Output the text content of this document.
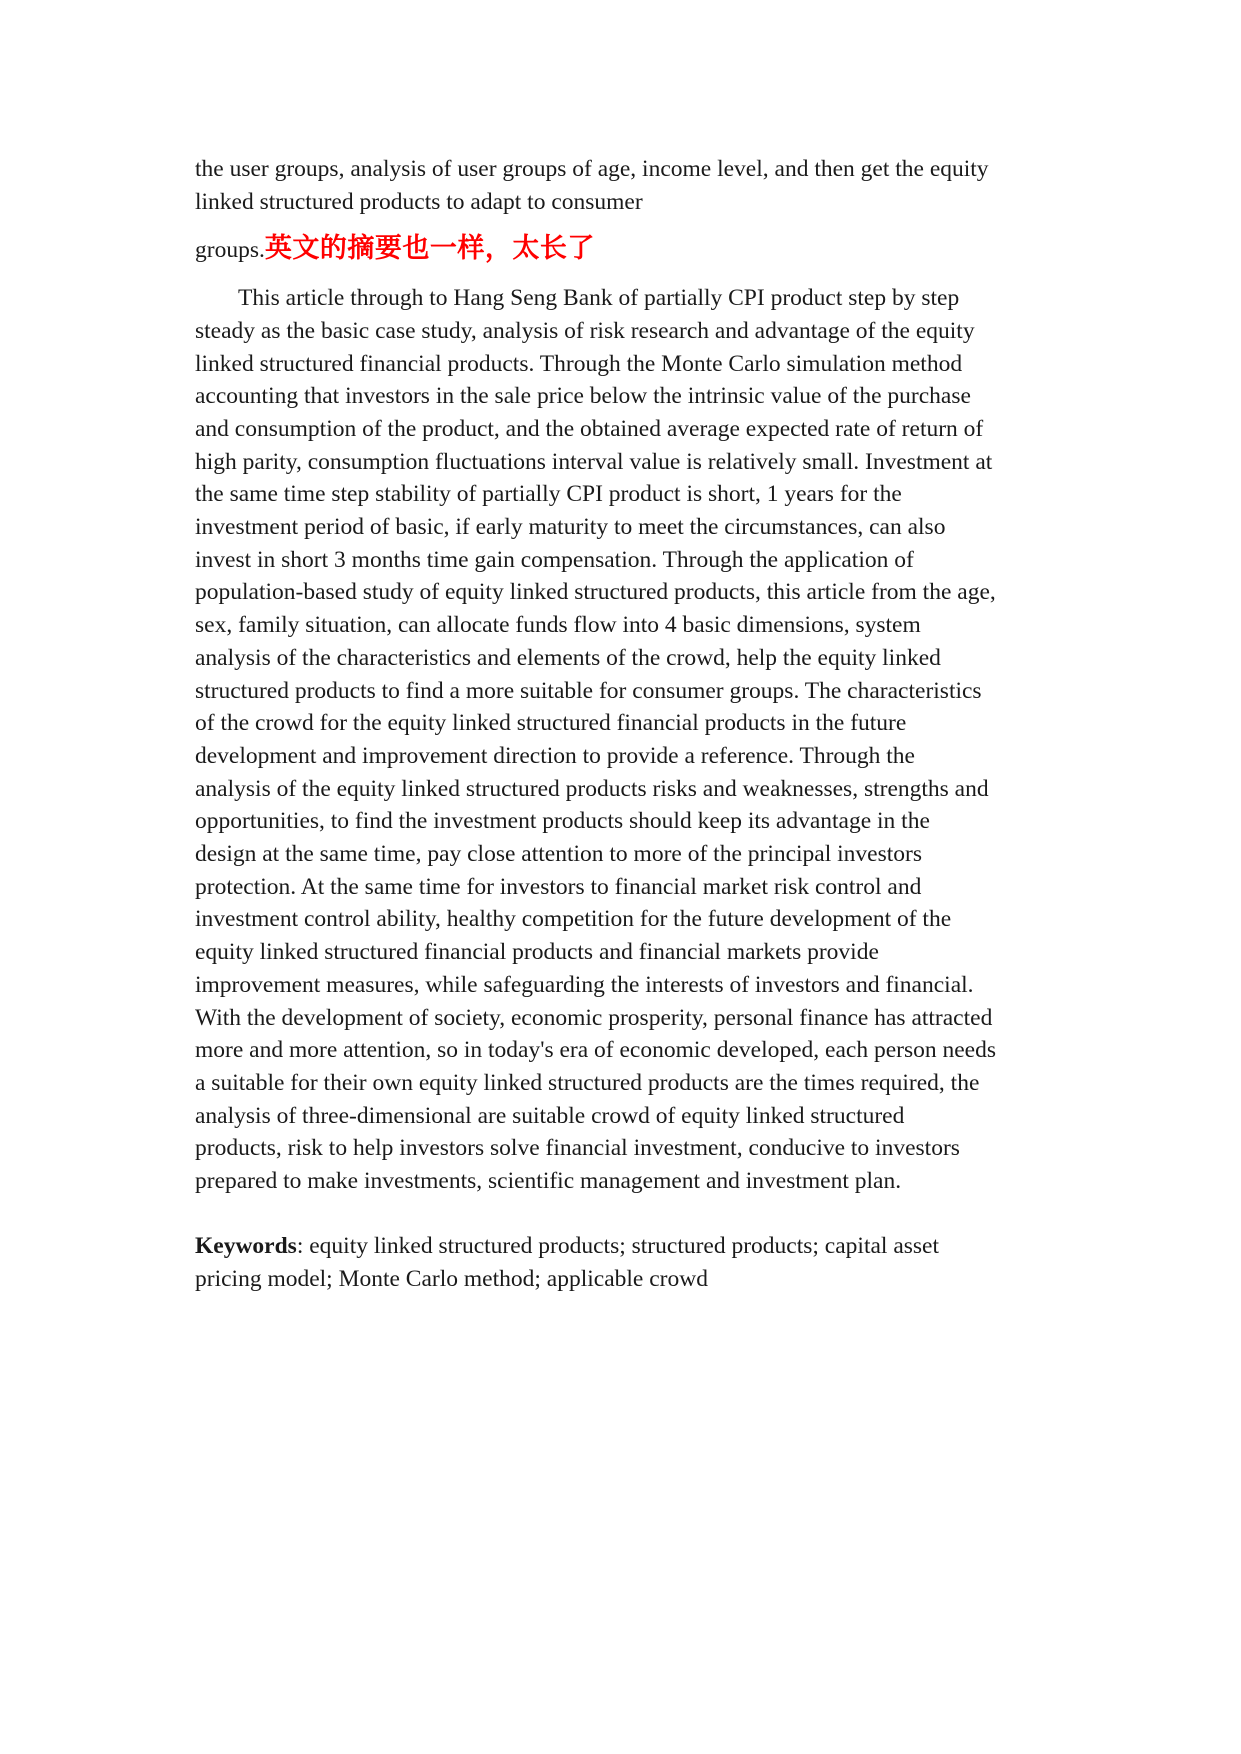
the user groups, analysis of user groups of age, income level, and then get the equity
linked structured products to adapt to consumer
groups.英文的摘要也一样，太长了
This article through to Hang Seng Bank of partially CPI product step by step
steady as the basic case study, analysis of risk research and advantage of the equity
linked structured financial products. Through the Monte Carlo simulation method
accounting that investors in the sale price below the intrinsic value of the purchase
and consumption of the product, and the obtained average expected rate of return of
high parity, consumption fluctuations interval value is relatively small. Investment at
the same time step stability of partially CPI product is short, 1 years for the
investment period of basic, if early maturity to meet the circumstances, can also
invest in short 3 months time gain compensation. Through the application of
population-based study of equity linked structured products, this article from the age,
sex, family situation, can allocate funds flow into 4 basic dimensions, system
analysis of the characteristics and elements of the crowd, help the equity linked
structured products to find a more suitable for consumer groups. The characteristics
of the crowd for the equity linked structured financial products in the future
development and improvement direction to provide a reference. Through the
analysis of the equity linked structured products risks and weaknesses, strengths and
opportunities, to find the investment products should keep its advantage in the
design at the same time, pay close attention to more of the principal investors
protection. At the same time for investors to financial market risk control and
investment control ability, healthy competition for the future development of the
equity linked structured financial products and financial markets provide
improvement measures, while safeguarding the interests of investors and financial.
With the development of society, economic prosperity, personal finance has attracted
more and more attention, so in today's era of economic developed, each person needs
a suitable for their own equity linked structured products are the times required, the
analysis of three-dimensional are suitable crowd of equity linked structured
products, risk to help investors solve financial investment, conducive to investors
prepared to make investments, scientific management and investment plan.
Keywords: equity linked structured products; structured products; capital asset
pricing model; Monte Carlo method; applicable crowd
